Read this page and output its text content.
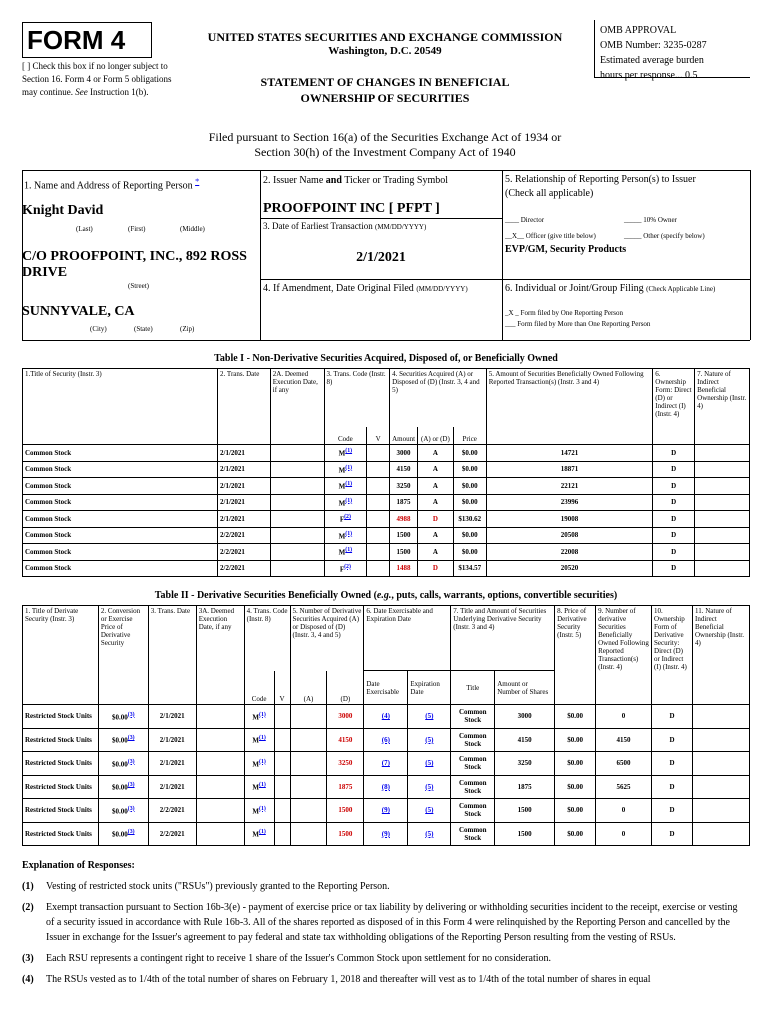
FORM 4
[ ] Check this box if no longer subject to Section 16. Form 4 or Form 5 obligations may continue. See Instruction 1(b).
UNITED STATES SECURITIES AND EXCHANGE COMMISSION
Washington, D.C. 20549
STATEMENT OF CHANGES IN BENEFICIAL OWNERSHIP OF SECURITIES
OMB APPROVAL
OMB Number: 3235-0287
Estimated average burden
hours per response... 0.5
Filed pursuant to Section 16(a) of the Securities Exchange Act of 1934 or
Section 30(h) of the Investment Company Act of 1940
1. Name and Address of Reporting Person *
Knight David
(Last)	(First)	(Middle)
C/O PROOFPOINT, INC., 892 ROSS DRIVE
(Street)
SUNNYVALE, CA
(City)	(State)	(Zip)
2. Issuer Name and Ticker or Trading Symbol
PROOFPOINT INC [ PFPT ]
3. Date of Earliest Transaction (MM/DD/YYYY)
2/1/2021
4. If Amendment, Date Original Filed (MM/DD/YYYY)
5. Relationship of Reporting Person(s) to Issuer
(Check all applicable)
____ Director	_____ 10% Owner
__X__ Officer (give title below)	_____ Other (specify below)
EVP/GM, Security Products
6. Individual or Joint/Group Filing (Check Applicable Line)
_X _ Form filed by One Reporting Person
___ Form filed by More than One Reporting Person
Table I - Non-Derivative Securities Acquired, Disposed of, or Beneficially Owned
1.Title of Security (Instr. 3)	2. Trans. Date	2A. Deemed Execution Date, if any	3. Trans. Code (Instr. 8)		4. Securities Acquired (A) or Disposed of (D) (Instr. 3, 4 and 5)			5. Amount of Securities Beneficially Owned Following Reported Transaction(s) (Instr. 3 and 4)	6. Ownership Form: Direct (D) or Indirect (I) (Instr. 4)	7. Nature of Indirect Beneficial Ownership (Instr. 4)
			Code	V	Amount	(A) or (D)	Price			
Common Stock	2/1/2021		$M^{(1)}$		3000	A	$0.00	14721	D	
Common Stock	2/1/2021		$M^{(1)}$		4150	A	$0.00	18871	D	
Common Stock	2/1/2021		$M^{(1)}$		3250	A	$0.00	22121	D	
Common Stock	2/1/2021		$M^{(1)}$		1875	A	$0.00	23996	D	
Common Stock	2/1/2021		$F^{(2)}$		4988	D	$130.62	19008	D	
Common Stock	2/2/2021		$M^{(1)}$		1500	A	$0.00	20508	D	
Common Stock	2/2/2021		$M^{(1)}$		1500	A	$0.00	22008	D	
Common Stock	2/2/2021		$F^{(2)}$		1488	D	$134.57	20520	D	
Table II - Derivative Securities Beneficially Owned (e.g., puts, calls, warrants, options, convertible securities)
1. Title of Derivate Security (Instr. 3)	2. Conversion or Exercise Price of Derivative Security	3. Trans. Date	3A. Deemed Execution Date, if any	4. Trans. Code (Instr. 8)		5. Number of Derivative Securities Acquired (A) or Disposed of (D) (Instr. 3, 4 and 5)		6. Date Exercisable and Expiration Date		7. Title and Amount of Securities Underlying Derivative Security (Instr. 3 and 4)		8. Price of Derivative Security (Instr. 5)	9. Number of derivative Securities Beneficially Owned Following Reported Transaction(s) (Instr. 4)	10. Ownership Form of Derivative Security: Direct (D) or Indirect (I) (Instr. 4)	11. Nature of Indirect Beneficial Ownership (Instr. 4)
				Code	V	(A)	(D)	Date Exercisable	Expiration Date	Title	Amount or Number of Shares				
Restricted Stock Units	$0.00$^{(3)}$	2/1/2021		$M^{(1)}$			3000	(4)	(5)	Common Stock	3000	$0.00	0	D	
Restricted Stock Units	$0.00$^{(3)}$	2/1/2021		$M^{(1)}$			4150	(6)	(5)	Common Stock	4150	$0.00	4150	D	
Restricted Stock Units	$0.00$^{(3)}$	2/1/2021		$M^{(1)}$			3250	(7)	(5)	Common Stock	3250	$0.00	6500	D	
Restricted Stock Units	$0.00$^{(3)}$	2/1/2021		$M^{(1)}$			1875	(8)	(5)	Common Stock	1875	$0.00	5625	D	
Restricted Stock Units	$0.00$^{(3)}$	2/2/2021		$M^{(1)}$			1500	(9)	(5)	Common Stock	1500	$0.00	0	D	
Restricted Stock Units	$0.00$^{(3)}$	2/2/2021		$M^{(1)}$			1500	(9)	(5)	Common Stock	1500	$0.00	0	D	
Explanation of Responses:
(1) Vesting of restricted stock units ("RSUs") previously granted to the Reporting Person.
(2) Exempt transaction pursuant to Section 16b-3(e) - payment of exercise price or tax liability by delivering or withholding securities incident to the receipt, exercise or vesting of a security issued in accordance with Rule 16b-3. All of the shares reported as disposed of in this Form 4 were relinquished by the Reporting Person and cancelled by the Issuer in exchange for the Issuer's agreement to pay federal and state tax withholding obligations of the Reporting Person resulting from the vesting of RSUs.
(3) Each RSU represents a contingent right to receive 1 share of the Issuer's Common Stock upon settlement for no consideration.
(4) The RSUs vested as to 1/4th of the total number of shares on February 1, 2018 and thereafter will vest as to 1/4th of the total number of shares in equal
